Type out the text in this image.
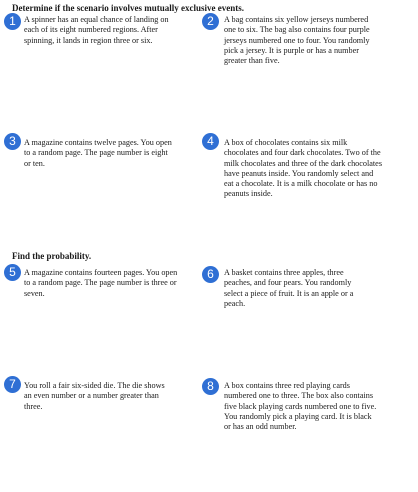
Determine if the scenario involves mutually exclusive events.
Find the probability.
1 A spinner has an equal chance of landing on each of its eight numbered regions. After spinning, it lands in region three or six.
2	A bag contains six yellow jerseys numbered one to six. The bag also contains four purple jerseys numbered one to four. You randomly pick a jersey. It is purple or has a number greater than five.
3 A magazine contains twelve pages. You open to a random page. The page number is eight or ten.
4	A box of chocolates contains six milk chocolates and four dark chocolates. Two of the milk chocolates and three of the dark chocolates have peanuts inside. You randomly select and eat a chocolate. It is a milk chocolate or has no peanuts inside.
5 A magazine contains fourteen pages. You open to a random page. The page number is three or seven.
6	A basket contains three apples, three peaches, and four pears. You randomly select a piece of fruit. It is an apple or a peach.
7 You roll a fair six-sided die. The die shows an even number or a number greater than three.
8	A box contains three red playing cards numbered one to three. The box also contains five black playing cards numbered one to five. You randomly pick a playing card. It is black or has an odd number.
